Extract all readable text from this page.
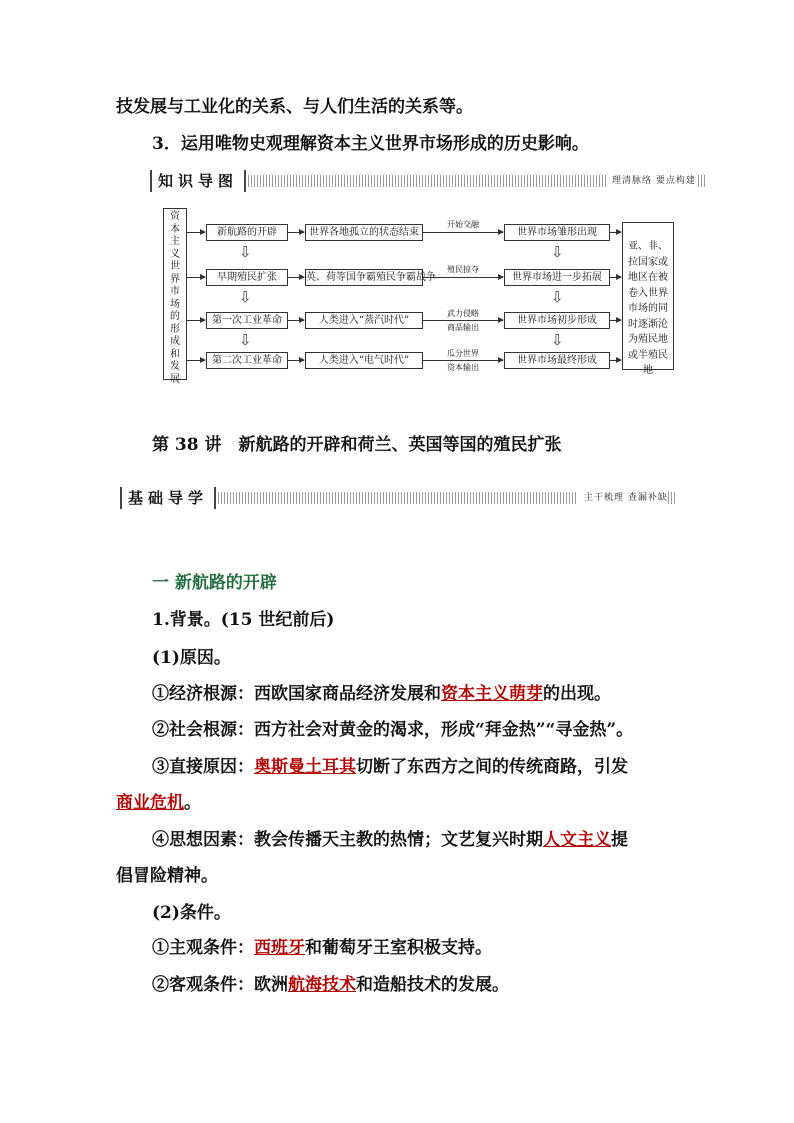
技发展与工业化的关系、与人们生活的关系等。
3．运用唯物史观理解资本主义世界市场形成的历史影响。
知识导图	理清脉络 要点构建
资本主义世界市场的形成和发展
亚、非、拉国家或地区在被卷入世界市场的同时逐渐沦为殖民地或半殖民地
新航路的开辟	世界各地孤立的状态结束
开始交融
世界市场雏形出现
⇩	⇩
早期殖民扩张	英、荷等国争霸殖民争霸战争
殖民掠夺
世界市场进一步拓展
⇩	⇩
第一次工业革命	人类进入“蒸汽时代”
武力侵略
商品输出
世界市场初步形成
⇩	⇩
第二次工业革命	人类进入“电气时代”
瓜分世界
资本输出
世界市场最终形成
第 38 讲　新航路的开辟和荷兰、英国等国的殖民扩张
基础导学	主干梳理 查漏补缺
一 新航路的开辟
1.背景。(15 世纪前后)
(1)原因。
①经济根源：西欧国家商品经济发展和资本主义萌芽的出现。
②社会根源：西方社会对黄金的渴求，形成“拜金热”“寻金热”。
③直接原因：奥斯曼土耳其切断了东西方之间的传统商路，引发
商业危机。
④思想因素：教会传播天主教的热情；文艺复兴时期人文主义提
倡冒险精神。
(2)条件。
①主观条件：西班牙和葡萄牙王室积极支持。
②客观条件：欧洲航海技术和造船技术的发展。
